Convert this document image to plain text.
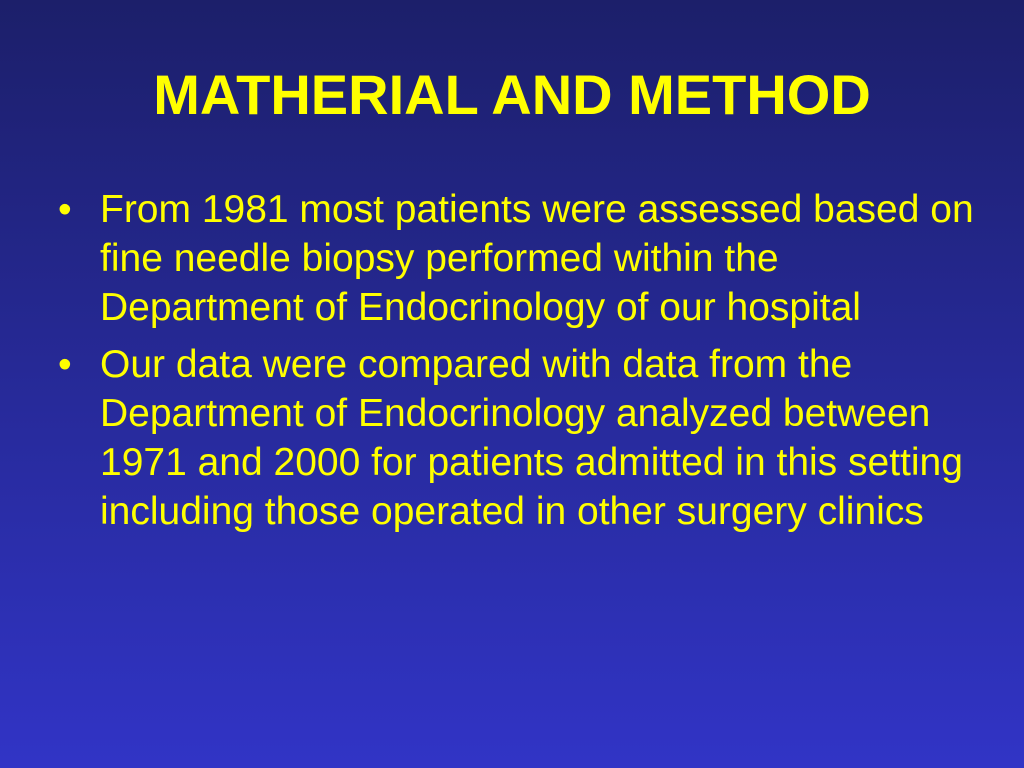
MATHERIAL AND METHOD
• From 1981 most patients were assessed based on fine needle biopsy performed within the Department of Endocrinology of our hospital
• Our data were compared with data from the Department of Endocrinology analyzed between 1971 and 2000 for patients admitted in this setting including those operated in other surgery clinics
